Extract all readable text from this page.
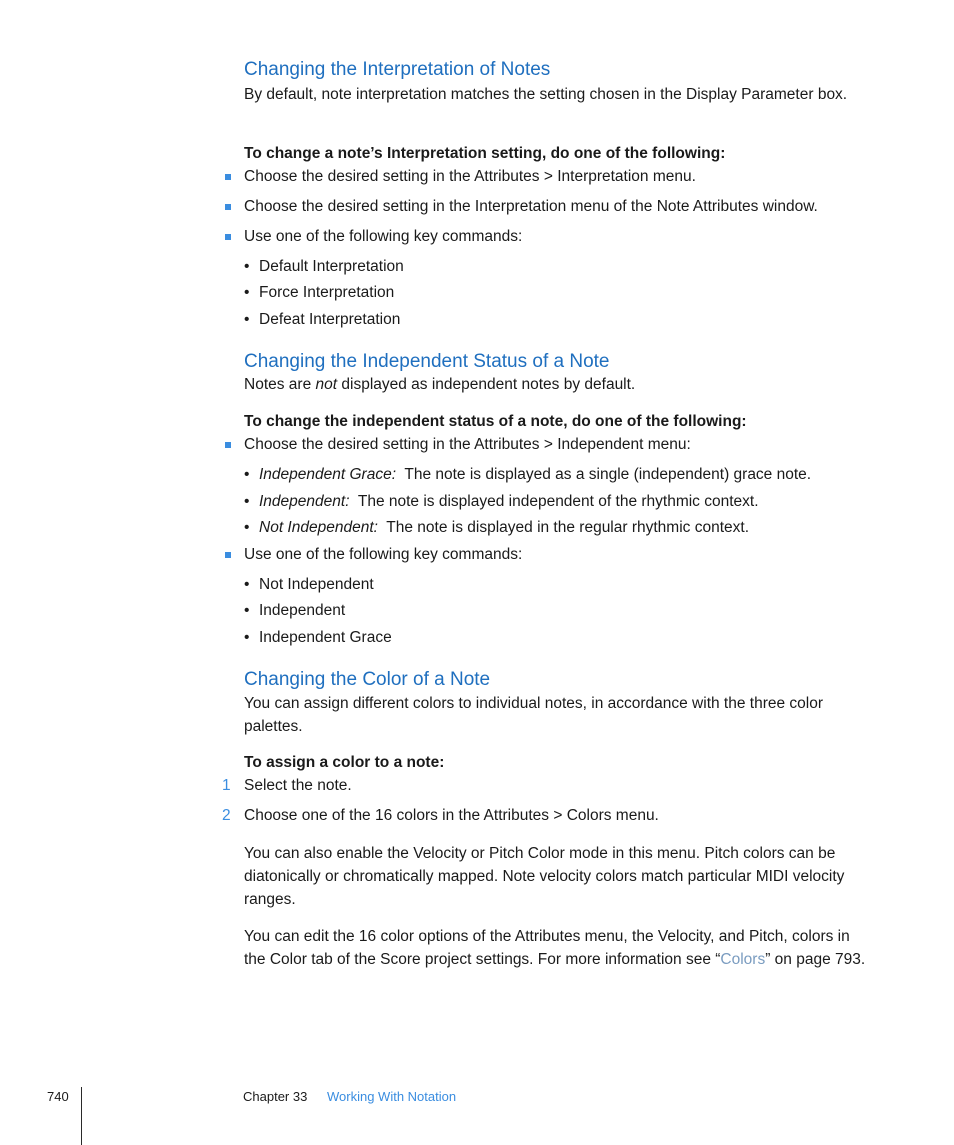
Changing the Interpretation of Notes
By default, note interpretation matches the setting chosen in the Display Parameter box.
To change a note’s Interpretation setting, do one of the following:
Choose the desired setting in the Attributes > Interpretation menu.
Choose the desired setting in the Interpretation menu of the Note Attributes window.
Use one of the following key commands:
• Default Interpretation
• Force Interpretation
• Defeat Interpretation
Changing the Independent Status of a Note
Notes are not displayed as independent notes by default.
To change the independent status of a note, do one of the following:
Choose the desired setting in the Attributes > Independent menu:
• Independent Grace: The note is displayed as a single (independent) grace note.
• Independent: The note is displayed independent of the rhythmic context.
• Not Independent: The note is displayed in the regular rhythmic context.
Use one of the following key commands:
• Not Independent
• Independent
• Independent Grace
Changing the Color of a Note
You can assign different colors to individual notes, in accordance with the three color palettes.
To assign a color to a note:
1 Select the note.
2 Choose one of the 16 colors in the Attributes > Colors menu.
You can also enable the Velocity or Pitch Color mode in this menu. Pitch colors can be diatonically or chromatically mapped. Note velocity colors match particular MIDI velocity ranges.
You can edit the 16 color options of the Attributes menu, the Velocity, and Pitch, colors in the Color tab of the Score project settings. For more information see “Colors” on page 793.
740	Chapter 33 Working With Notation
